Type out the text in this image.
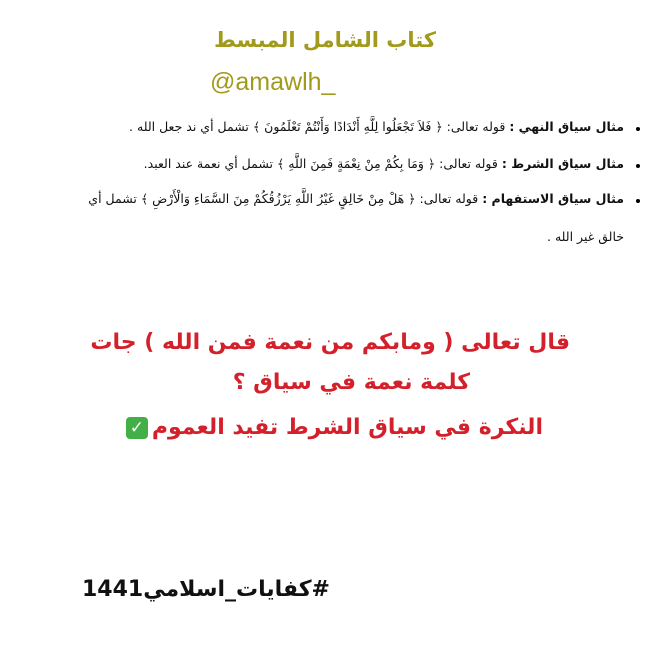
كتاب الشامل المبسط
@amawlh_
مثال سياق النهي : قوله تعالى: ﴿ فَلاَ تَجْعَلُوا لِلَّهِ أَنْدَادًا وَأَنْتُمْ تَعْلَمُونَ ﴾ تشمل أي ند جعل الله .
مثال سياق الشرط : قوله تعالى: ﴿ وَمَا بِكُمْ مِنْ نِعْمَةٍ فَمِنَ اللَّهِ ﴾ تشمل أي نعمة عند العبد.
مثال سياق الاستفهام : قوله تعالى: ﴿ هَلْ مِنْ خَالِقٍ غَيْرُ اللَّهِ يَرْزُقُكُمْ مِنَ السَّمَاءِ وَالْأَرْضِ ﴾ تشمل أي
خالق غير الله .
قال تعالى ( ومابكم من نعمة فمن الله ) جات
كلمة نعمة في سياق ؟
النكرة في سياق الشرط تفيد العموم✓
#كفايات_اسلامي1441
